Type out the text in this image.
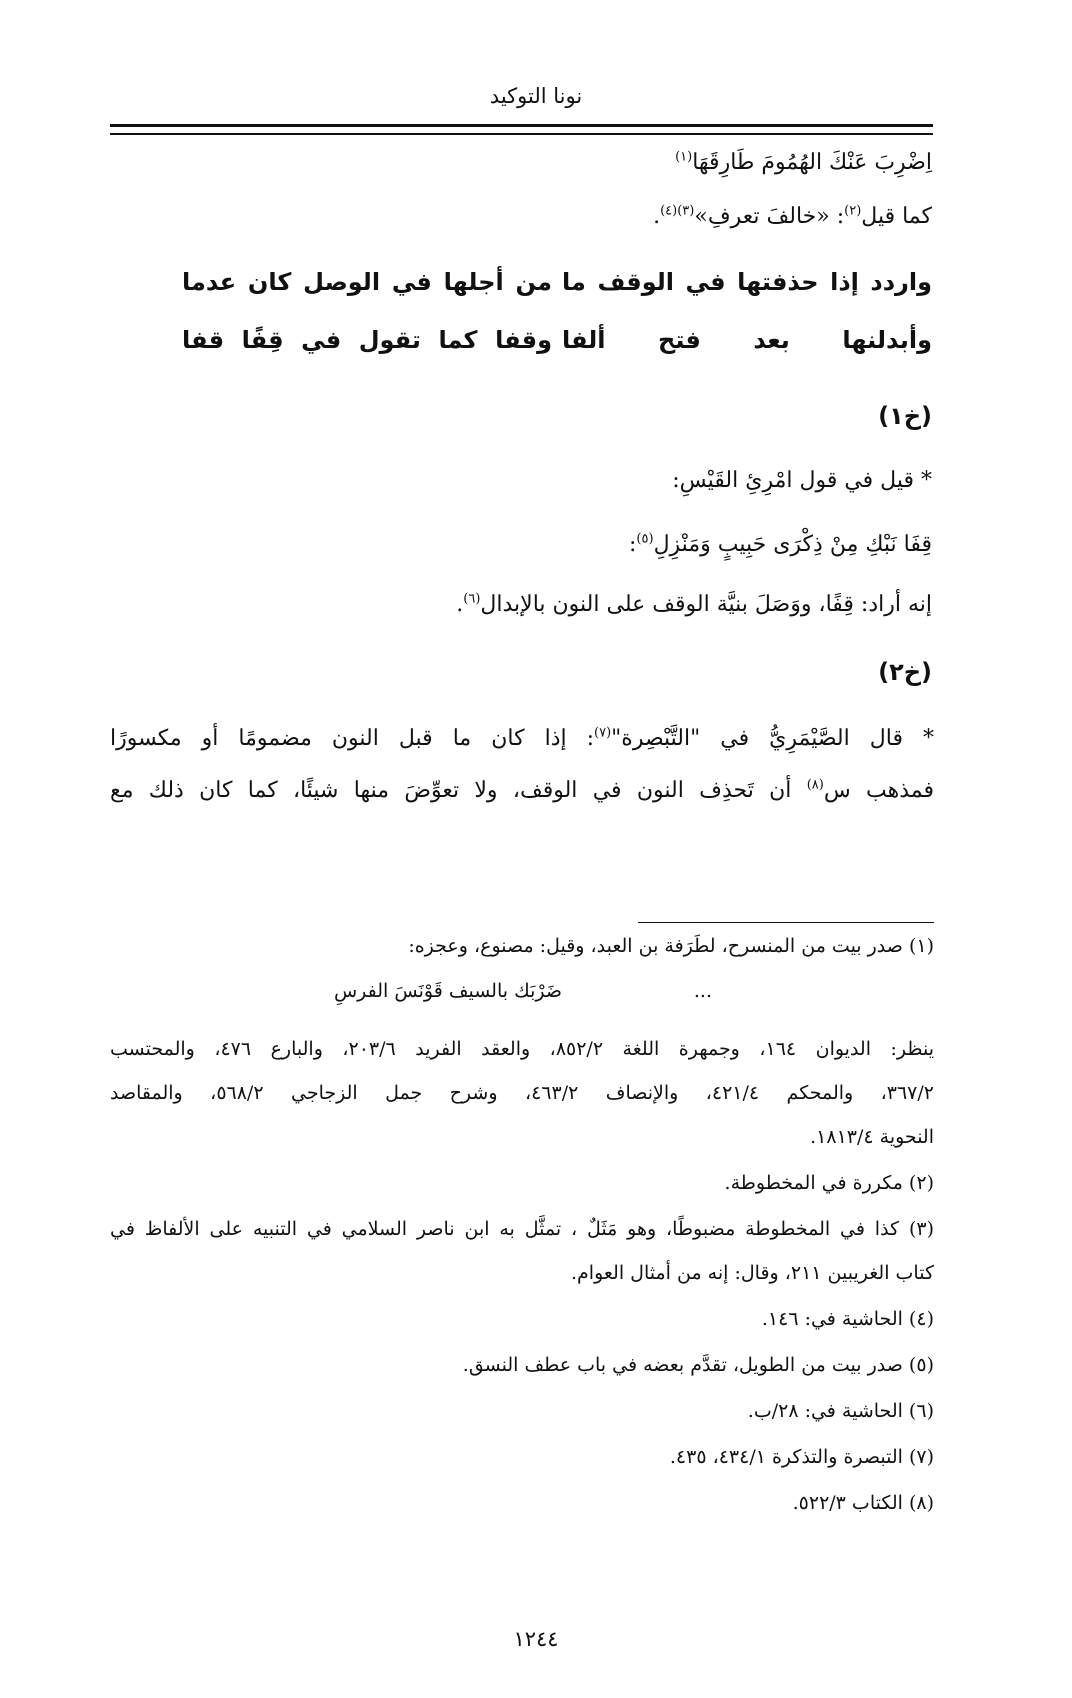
نونا التوكيد
اِضْرِبَ عَنْكَ الهُمُومَ طَارِقَهَا$^{(١)}$
كما قيل$^{(٢)}$: «خالفَ تعرفِ»$^{(٣)(٤)}$.
واردد
إذا
حذفتها
في
الوقف
ما
من
أجلها
في
الوصل
كان
عدما
وأبدلنها
بعد
فتح
ألفا
وقفا
كما
تقول
في
قِفًا
قفا
(خ١)
* قيل في قول امْرِئِ القَيْسِ:
قِفَا نَبْكِ مِنْ ذِكْرَى حَبِيبٍ وَمَنْزِلِ$^{(٥)}$:
إنه أراد: قِفًا، ووَصَلَ بنيَّة الوقف على النون بالإبدال$^{(٦)}$.
(خ٢)
* قال الصَّيْمَرِيُّ في "التَّبْصِرة"$^{(٧)}$: إذا كان ما قبل النون مضمومًا أو مكسورًا
فمذهب س$^{(٨)}$ أن تَحذِف النون في الوقف، ولا تعوِّضَ منها شيئًا، كما كان ذلك مع
(١) صدر بيت من المنسرح، لطَرَفة بن العبد، وقيل: مصنوع، وعجزه:
...
ضَرْبَك بالسيف قَوْنَسَ الفرسِ
ينظر: الديوان ١٦٤، وجمهرة اللغة ٨٥٢/٢، والعقد الفريد ٢٠٣/٦، والبارع ٤٧٦، والمحتسب
٣٦٧/٢، والمحكم ٤٢١/٤، والإنصاف ٤٦٣/٢، وشرح جمل الزجاجي ٥٦٨/٢، والمقاصد
النحوية ١٨١٣/٤.
(٢) مكررة في المخطوطة.
(٣) كذا في المخطوطة مضبوطًا، وهو مَثَلٌ ، تمثَّل به ابن ناصر السلامي في التنبيه على الألفاظ في
كتاب الغريبين ٢١١، وقال: إنه من أمثال العوام.
(٤) الحاشية في: ١٤٦.
(٥) صدر بيت من الطويل، تقدَّم بعضه في باب عطف النسق.
(٦) الحاشية في: ٢٨/ب.
(٧) التبصرة والتذكرة ٤٣٤/١، ٤٣٥.
(٨) الكتاب ٥٢٢/٣.
١٢٤٤
